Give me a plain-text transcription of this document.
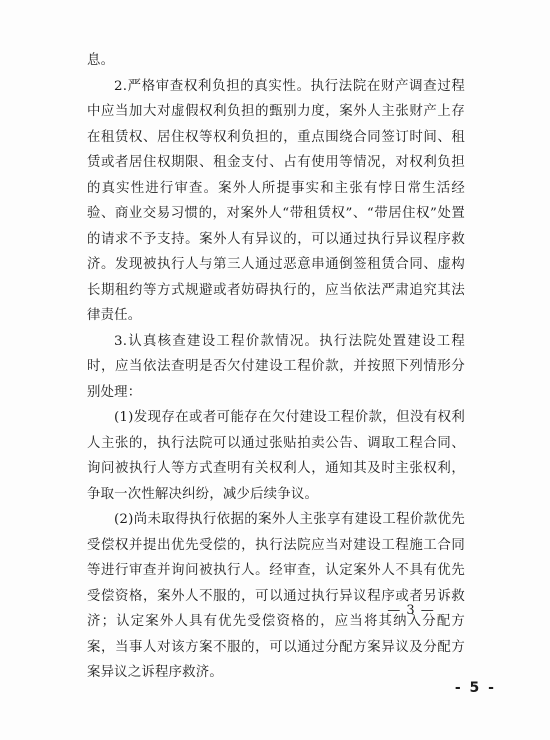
息。

2.严格审查权利负担的真实性。执行法院在财产调查过程中应当加大对虚假权利负担的甄别力度，案外人主张财产上存在租赁权、居住权等权利负担的，重点围绕合同签订时间、租赁或者居住权期限、租金支付、占有使用等情况，对权利负担的真实性进行审查。案外人所提事实和主张有悖日常生活经验、商业交易习惯的，对案外人“带租赁权”、“带居住权”处置的请求不予支持。案外人有异议的，可以通过执行异议程序救济。发现被执行人与第三人通过恶意串通倒签租赁合同、虚构长期租约等方式规避或者妨碍执行的，应当依法严肃追究其法律责任。

3.认真核查建设工程价款情况。执行法院处置建设工程时，应当依法查明是否欠付建设工程价款，并按照下列情形分别处理：

(1)发现存在或者可能存在欠付建设工程价款，但没有权利人主张的，执行法院可以通过张贴拍卖公告、调取工程合同、询问被执行人等方式查明有关权利人，通知其及时主张权利，争取一次性解决纠纷，减少后续争议。

(2)尚未取得执行依据的案外人主张享有建设工程价款优先受偿权并提出优先受偿的，执行法院应当对建设工程施工合同等进行审查并询问被执行人。经审查，认定案外人不具有优先受偿资格，案外人不服的，可以通过执行异议程序或者另诉救济；认定案外人具有优先受偿资格的，应当将其纳入分配方案，当事人对该方案不服的，可以通过分配方案异议及分配方案异议之诉程序救济。

— 3 —
- 5 -
